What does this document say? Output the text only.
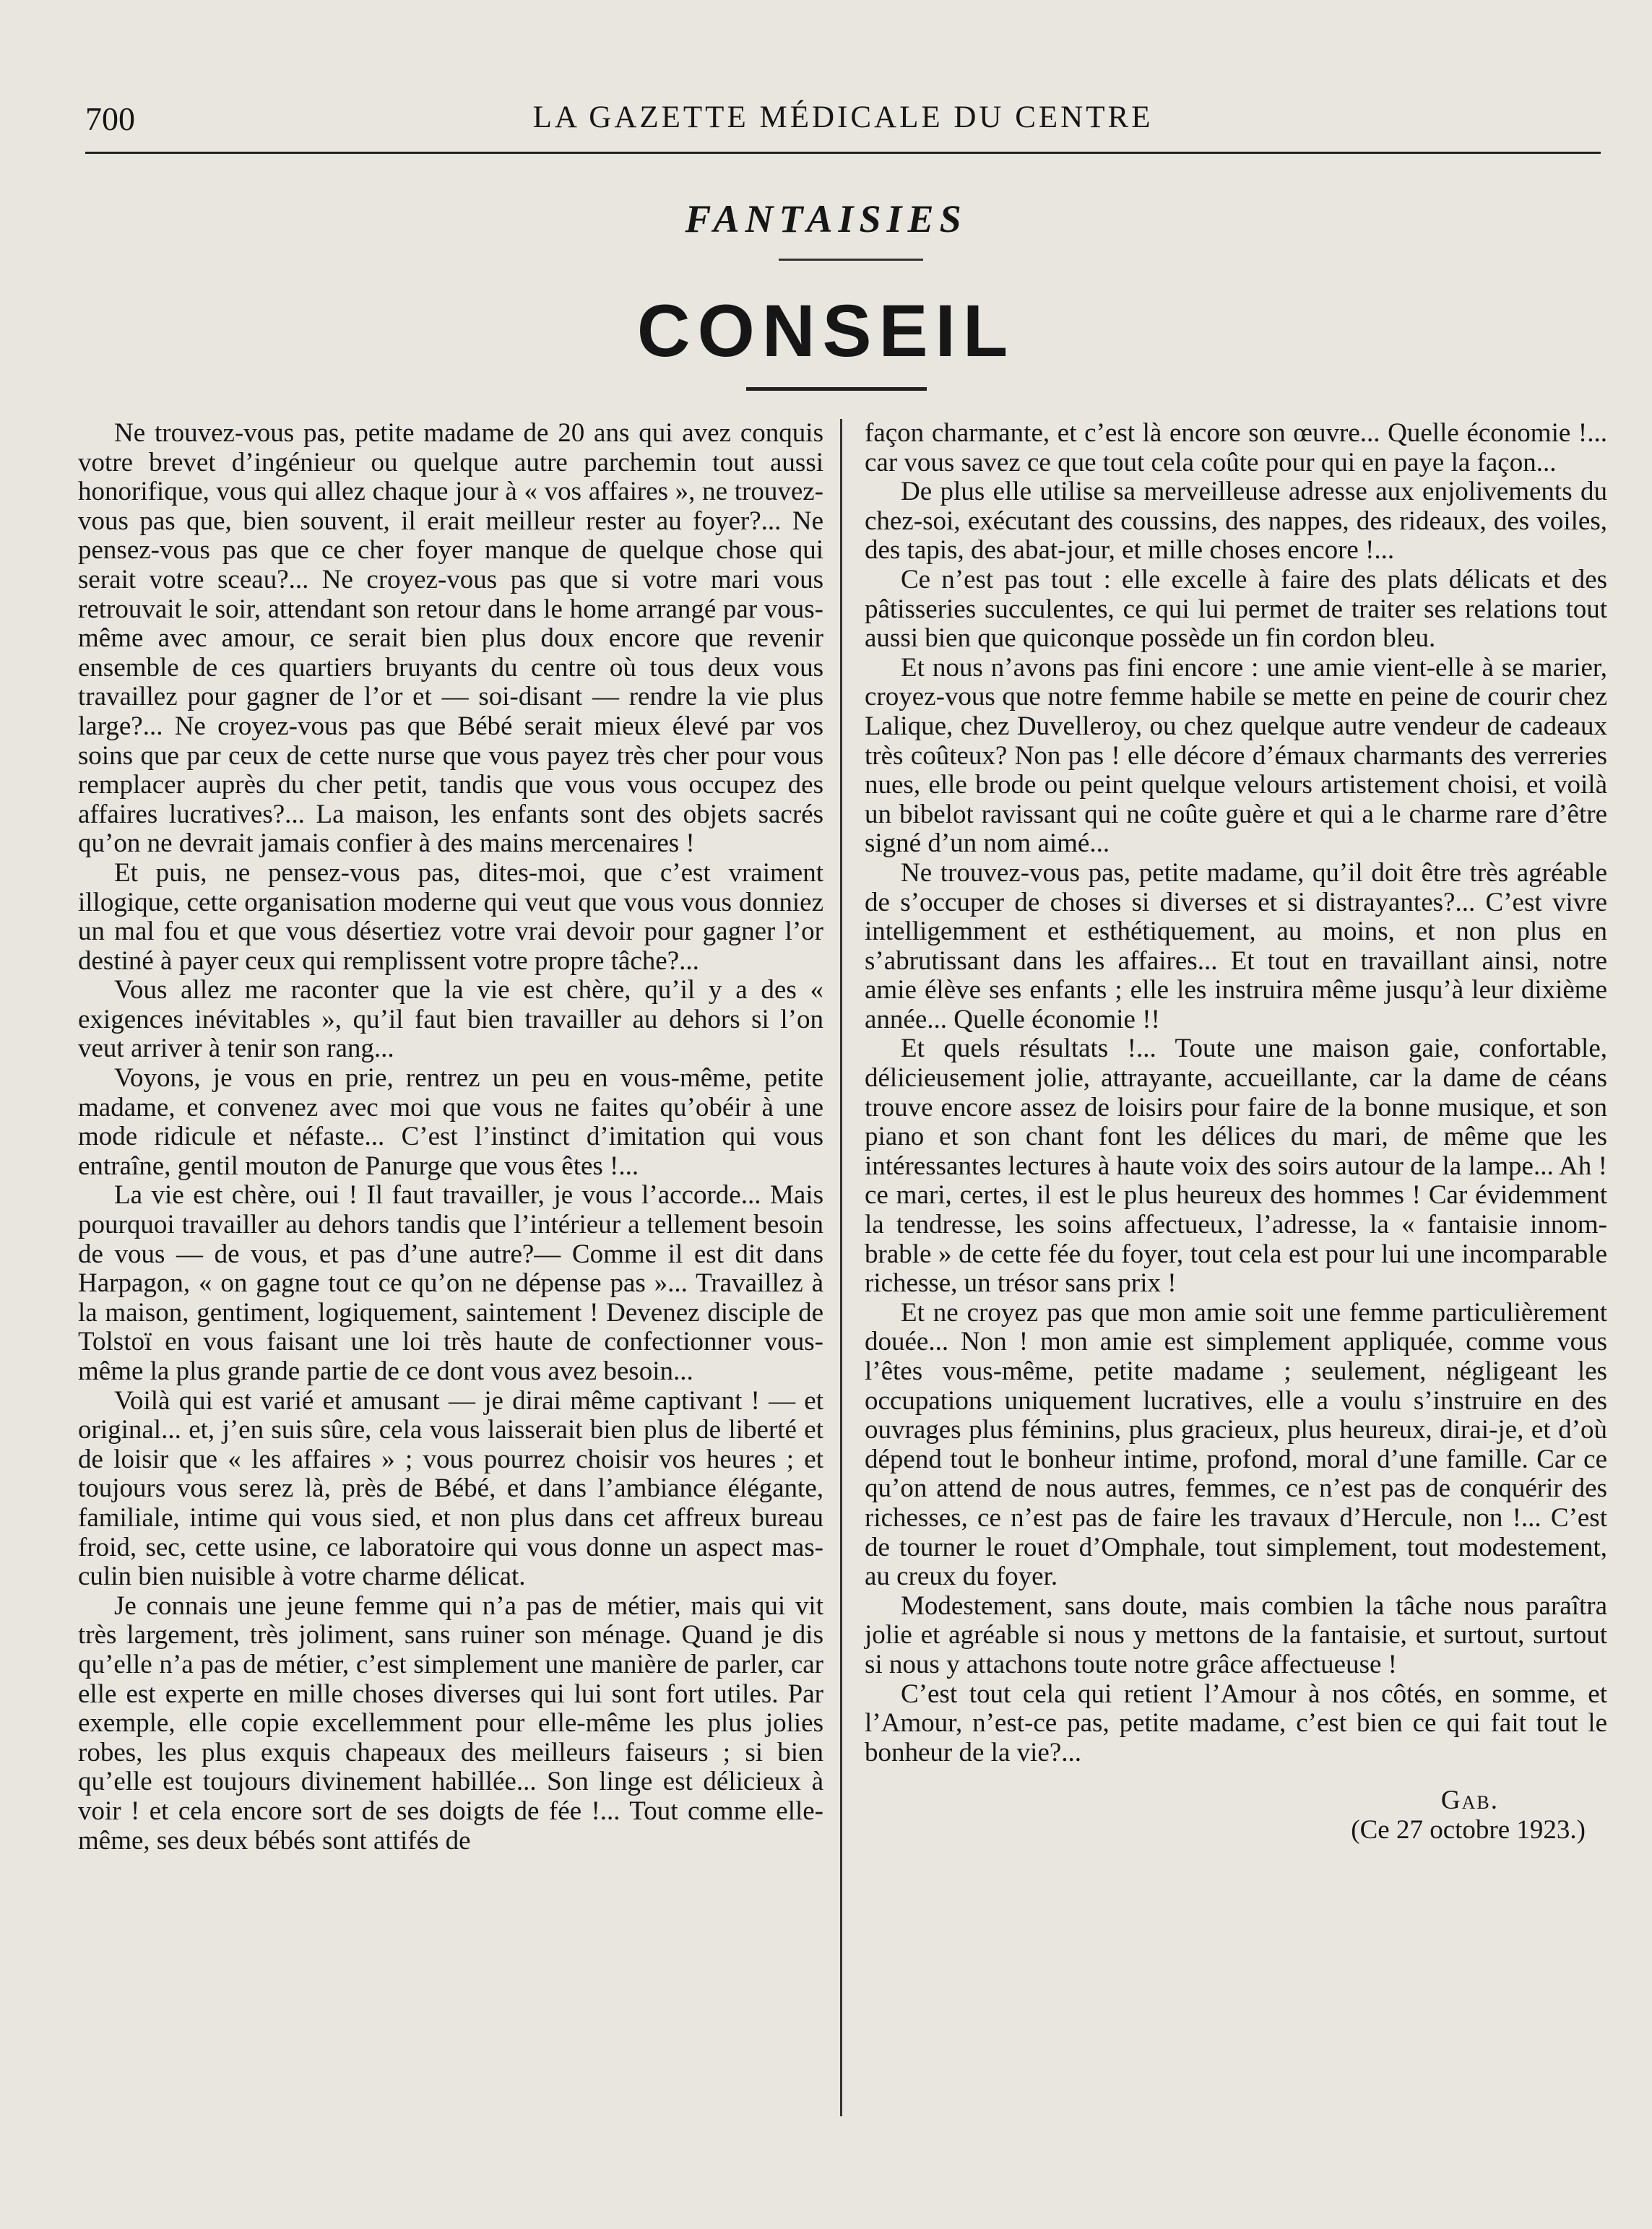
700	LA GAZETTE MÉDICALE DU CENTRE
FANTAISIES
CONSEIL

Ne trouvez-vous pas, petite madame de 20 ans qui avez conquis votre brevet d’ingénieur ou quelque autre parchemin tout aussi honorifique, vous qui allez chaque jour à « vos affaires », ne trouvez-vous pas que, bien souvent, il erait meilleur rester au foyer?... Ne pensez-vous pas que ce cher foyer manque de quelque chose qui serait votre sceau?... Ne croyez-vous pas que si votre mari vous retrouvait le soir, attendant son retour dans le home arrangé par vous-même avec amour, ce serait bien plus doux encore que revenir ensemble de ces quartiers bruyants du centre où tous deux vous travaillez pour gagner de l’or et — soi-disant — rendre la vie plus large?... Ne croyez-vous pas que Bébé serait mieux élevé par vos soins que par ceux de cette nurse que vous payez très cher pour vous remplacer auprès du cher petit, tandis que vous vous occupez des affaires lucratives?... La maison, les enfants sont des objets sacrés qu’on ne devrait jamais confier à des mains mercenaires !

Et puis, ne pensez-vous pas, dites-moi, que c’est vraiment illogique, cette organisation moderne qui veut que vous vous donniez un mal fou et que vous désertiez votre vrai devoir pour gagner l’or destiné à payer ceux qui remplissent votre propre tâche?...

Vous allez me raconter que la vie est chère, qu’il y a des « exigences inévitables », qu’il faut bien travailler au dehors si l’on veut arriver à tenir son rang...

Voyons, je vous en prie, rentrez un peu en vous-même, petite madame, et convenez avec moi que vous ne faites qu’obéir à une mode ridicule et néfaste... C’est l’instinct d’imitation qui vous entraîne, gentil mouton de Panurge que vous êtes !...

La vie est chère, oui ! Il faut travailler, je vous l’accorde... Mais pourquoi travailler au dehors tandis que l’intérieur a tellement besoin de vous — de vous, et pas d’une autre?— Comme il est dit dans Harpagon, « on gagne tout ce qu’on ne dépense pas »... Travaillez à la maison, gentiment, logiquement, saintement ! Devenez disciple de Tolstoï en vous faisant une loi très haute de confectionner vous-même la plus grande partie de ce dont vous avez besoin...

Voilà qui est varié et amusant — je dirai même captivant ! — et original... et, j’en suis sûre, cela vous laisserait bien plus de liberté et de loisir que « les affaires » ; vous pourrez choisir vos heures ; et toujours vous serez là, près de Bébé, et dans l’ambiance élégante, familiale, intime qui vous sied, et non plus dans cet affreux bureau froid, sec, cette usine, ce laboratoire qui vous donne un aspect masculin bien nuisible à votre charme délicat.

Je connais une jeune femme qui n’a pas de métier, mais qui vit très largement, très joliment, sans ruiner son ménage. Quand je dis qu’elle n’a pas de métier, c’est simplement une manière de parler, car elle est experte en mille choses diverses qui lui sont fort utiles. Par exemple, elle copie excellemment pour elle-même les plus jolies robes, les plus exquis chapeaux des meilleurs faiseurs ; si bien qu’elle est toujours divinement habillée... Son linge est délicieux à voir ! et cela encore sort de ses doigts de fée !... Tout comme elle-même, ses deux bébés sont attifés de

façon charmante, et c’est là encore son œuvre... Quelle économie !... car vous savez ce que tout cela coûte pour qui en paye la façon...

De plus elle utilise sa merveilleuse adresse aux enjolivements du chez-soi, exécutant des coussins, des nappes, des rideaux, des voiles, des tapis, des abat-jour, et mille choses encore !...

Ce n’est pas tout : elle excelle à faire des plats délicats et des pâtisseries succulentes, ce qui lui permet de traiter ses relations tout aussi bien que quiconque possède un fin cordon bleu.

Et nous n’avons pas fini encore : une amie vient-elle à se marier, croyez-vous que notre femme habile se mette en peine de courir chez Lalique, chez Duvelleroy, ou chez quelque autre vendeur de cadeaux très coûteux? Non pas ! elle décore d’émaux charmants des verreries nues, elle brode ou peint quelque velours artistement choisi, et voilà un bibelot ravissant qui ne coûte guère et qui a le charme rare d’être signé d’un nom aimé...

Ne trouvez-vous pas, petite madame, qu’il doit être très agréable de s’occuper de choses si diverses et si distrayantes?... C’est vivre intelligemment et esthétiquement, au moins, et non plus en s’abrutissant dans les affaires... Et tout en travaillant ainsi, notre amie élève ses enfants ; elle les instruira même jusqu’à leur dixième année... Quelle économie !!

Et quels résultats !... Toute une maison gaie, confortable, délicieusement jolie, attrayante, accueillante, car la dame de céans trouve encore assez de loisirs pour faire de la bonne musique, et son piano et son chant font les délices du mari, de même que les intéressantes lectures à haute voix des soirs autour de la lampe... Ah ! ce mari, certes, il est le plus heureux des hommes ! Car évidemment la tendresse, les soins affectueux, l’adresse, la « fantaisie innombrable » de cette fée du foyer, tout cela est pour lui une incomparable richesse, un trésor sans prix !

Et ne croyez pas que mon amie soit une femme particulièrement douée... Non ! mon amie est simplement appliquée, comme vous l’êtes vous-même, petite madame ; seulement, négligeant les occupations uniquement lucratives, elle a voulu s’instruire en des ouvrages plus féminins, plus gracieux, plus heureux, dirai-je, et d’où dépend tout le bonheur intime, profond, moral d’une famille. Car ce qu’on attend de nous autres, femmes, ce n’est pas de conquérir des richesses, ce n’est pas de faire les travaux d’Hercule, non !... C’est de tourner le rouet d’Omphale, tout simplement, tout modestement, au creux du foyer.

Modestement, sans doute, mais combien la tâche nous paraîtra jolie et agréable si nous y mettons de la fantaisie, et surtout, surtout si nous y attachons toute notre grâce affectueuse !

C’est tout cela qui retient l’Amour à nos côtés, en somme, et l’Amour, n’est-ce pas, petite madame, c’est bien ce qui fait tout le bonheur de la vie?...

Gab.
(Ce 27 octobre 1923.)
